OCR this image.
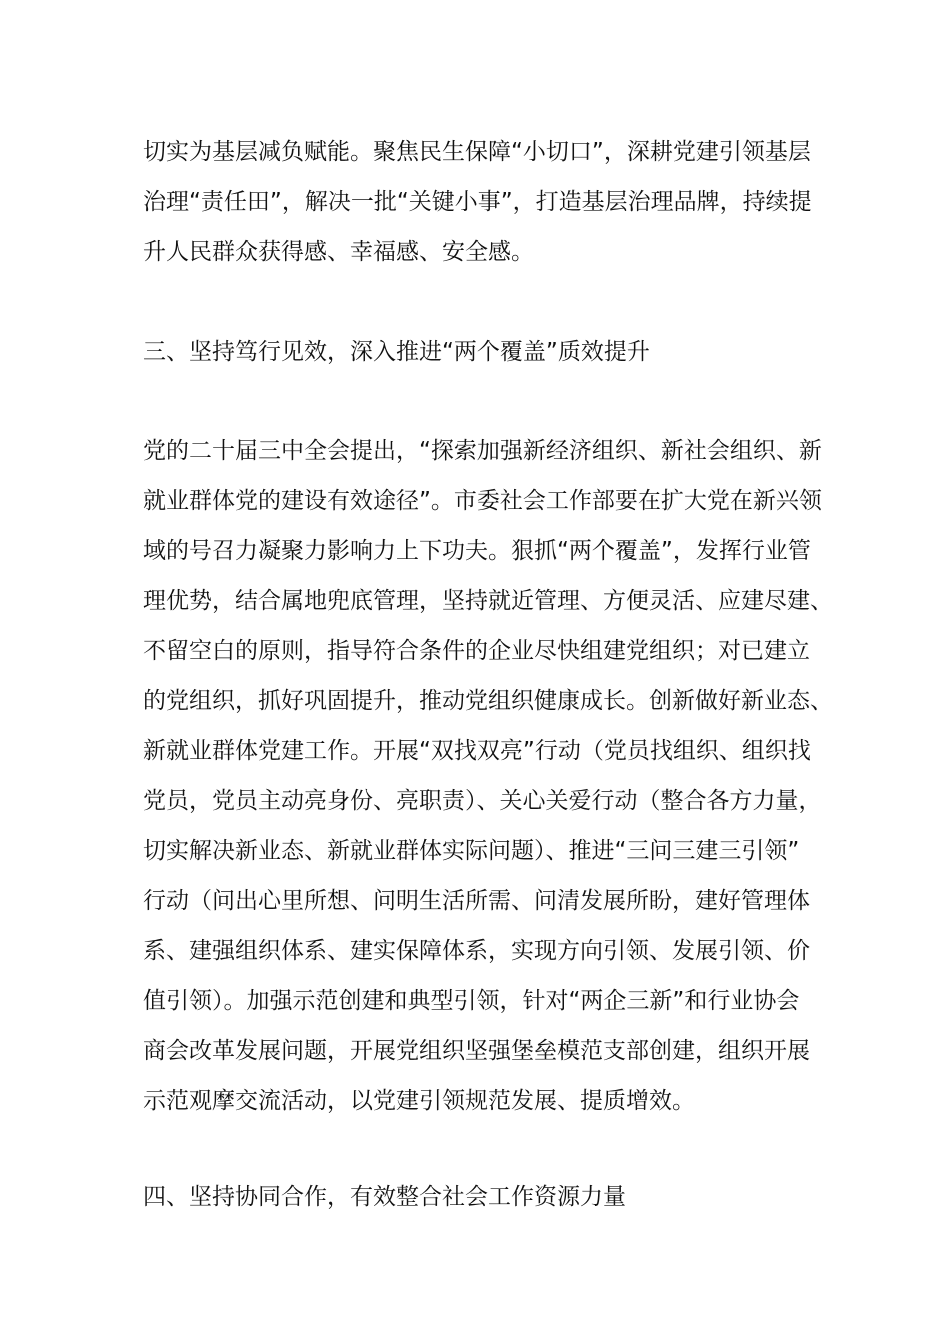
切实为基层减负赋能。聚焦民生保障“小切口”，深耕党建引领基层
治理“责任田”，解决一批“关键小事”，打造基层治理品牌，持续提
升人民群众获得感、幸福感、安全感。
三、坚持笃行见效，深入推进“两个覆盖”质效提升
党的二十届三中全会提出，“探索加强新经济组织、新社会组织、新
就业群体党的建设有效途径”。市委社会工作部要在扩大党在新兴领
域的号召力凝聚力影响力上下功夫。狠抓“两个覆盖”，发挥行业管
理优势，结合属地兜底管理，坚持就近管理、方便灵活、应建尽建、
不留空白的原则，指导符合条件的企业尽快组建党组织；对已建立
的党组织，抓好巩固提升，推动党组织健康成长。创新做好新业态、
新就业群体党建工作。开展“双找双亮”行动（党员找组织、组织找
党员，党员主动亮身份、亮职责）、关心关爱行动（整合各方力量，
切实解决新业态、新就业群体实际问题）、推进“三问三建三引领”
行动（问出心里所想、问明生活所需、问清发展所盼，建好管理体
系、建强组织体系、建实保障体系，实现方向引领、发展引领、价
值引领）。加强示范创建和典型引领，针对“两企三新”和行业协会
商会改革发展问题，开展党组织坚强堡垒模范支部创建，组织开展
示范观摩交流活动，以党建引领规范发展、提质增效。
四、坚持协同合作，有效整合社会工作资源力量
